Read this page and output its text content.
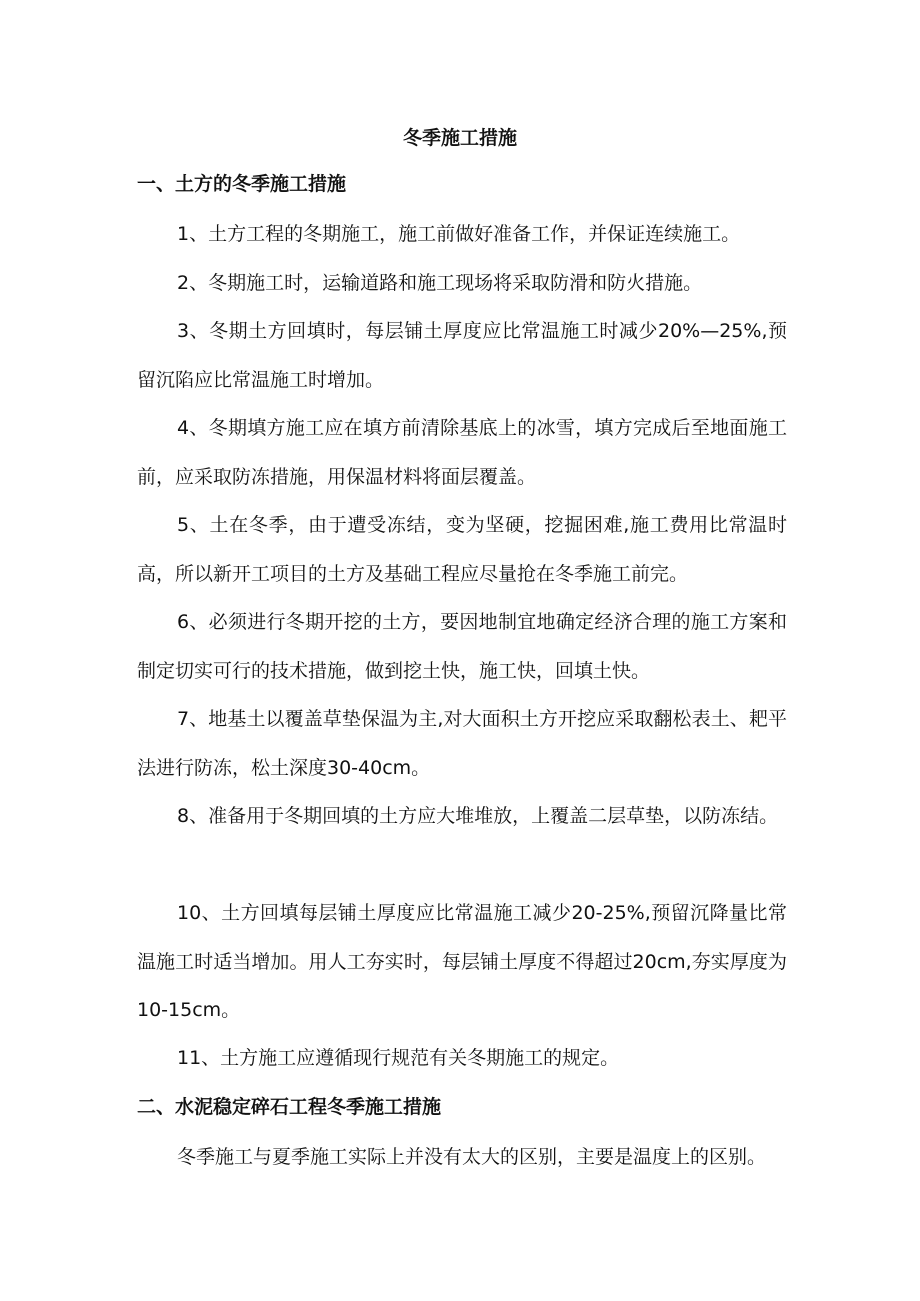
冬季施工措施
一、土方的冬季施工措施

1、土方工程的冬期施工，施工前做好准备工作，并保证连续施工。

2、冬期施工时，运输道路和施工现场将采取防滑和防火措施。

3、冬期土方回填时，每层铺土厚度应比常温施工时减少20%—25%,预留沉陷应比常温施工时增加。

4、冬期填方施工应在填方前清除基底上的冰雪，填方完成后至地面施工前，应采取防冻措施，用保温材料将面层覆盖。

5、土在冬季，由于遭受冻结，变为坚硬，挖掘困难,施工费用比常温时高，所以新开工项目的土方及基础工程应尽量抢在冬季施工前完。

6、必须进行冬期开挖的土方，要因地制宜地确定经济合理的施工方案和制定切实可行的技术措施，做到挖土快，施工快，回填土快。

7、地基土以覆盖草垫保温为主,对大面积土方开挖应采取翻松表土、耙平法进行防冻，松土深度30-40cm。

8、准备用于冬期回填的土方应大堆堆放，上覆盖二层草垫，以防冻结。

10、土方回填每层铺土厚度应比常温施工减少20-25%,预留沉降量比常温施工时适当增加。用人工夯实时，每层铺土厚度不得超过20cm,夯实厚度为10-15cm。

11、土方施工应遵循现行规范有关冬期施工的规定。

二、水泥稳定碎石工程冬季施工措施

冬季施工与夏季施工实际上并没有太大的区别，主要是温度上的区别。
